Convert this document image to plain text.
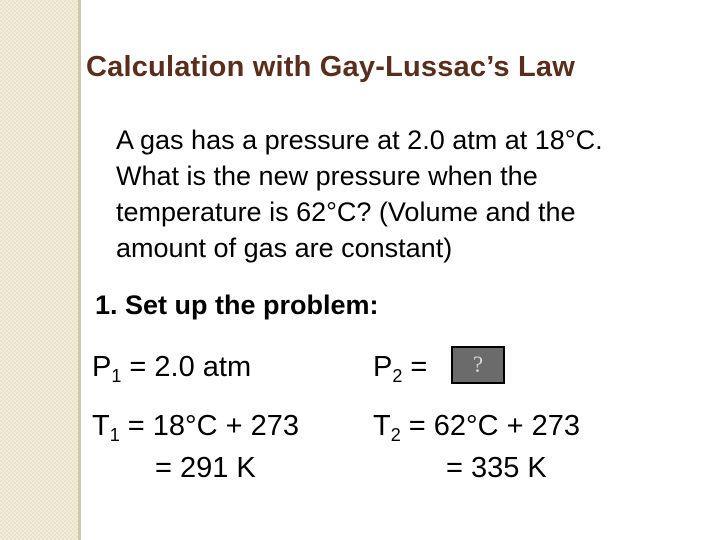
Calculation with Gay-Lussac’s Law
A gas has a pressure at 2.0 atm at 18°C.
What is the new pressure when the
temperature is 62°C? (Volume and the
amount of gas are constant)
1. Set up the problem:
$P_1 = 2.0$ atm	$P_2$ = ?
$T_1 = 18^\circ C + 273$
= 291 K
$T_2 = 62^\circ C + 273$
= 335 K
